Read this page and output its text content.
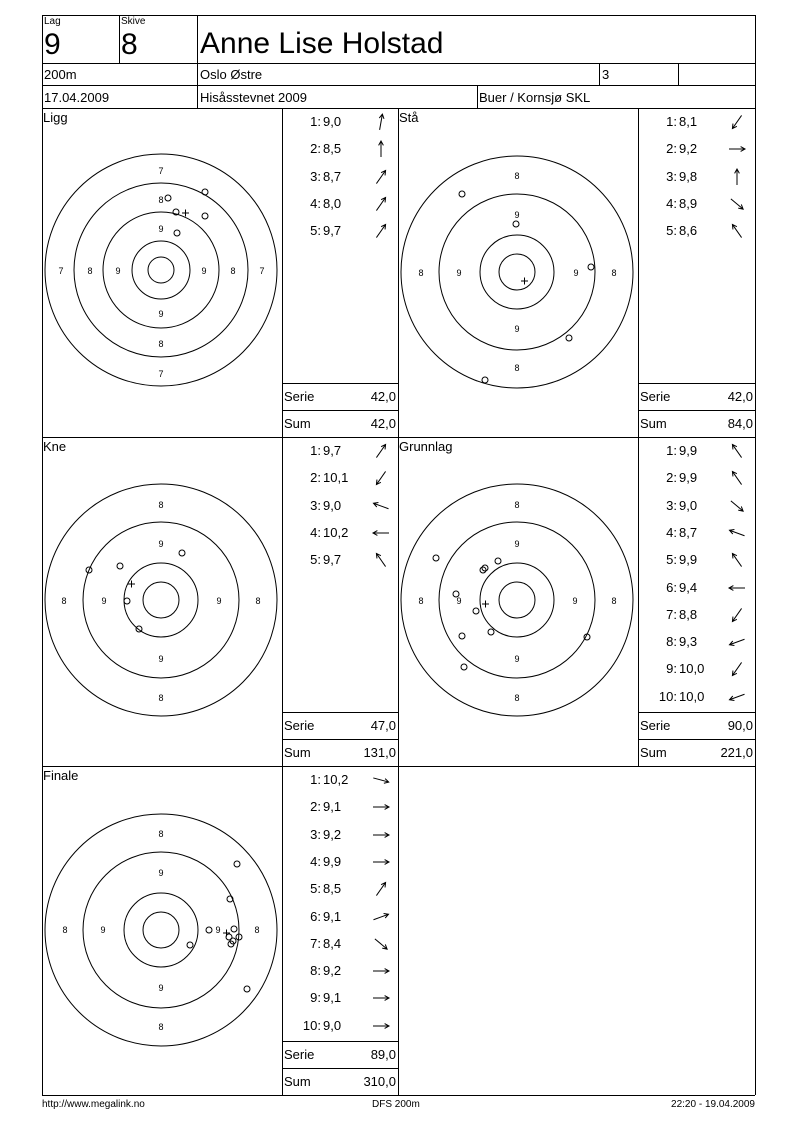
Lag
9
Skive
8 Anne Lise Holstad
200m	Oslo Østre	3
17.04.2009	Hisåsstevnet 2009	Buer / Kornsjø SKL
Ligg	Stå
Kne	Grunnlag
Finale
7
8
9
9
8
7
7	8	9	9	8	7
8
9
9
8
8	9	9	8
8
9
9
8
8	9	9	8
8
9
9
8
8	9	9	8
8
9
9
8
8	9	9	8
1: 9,0
2: 8,5
3: 8,7
4: 8,0
5: 9,7
1: 8,1
2: 9,2
3: 9,8
4: 8,9
5: 8,6
1: 9,7
2: 10,1
3: 9,0
4: 10,2
5: 9,7
1: 9,9
2: 9,9
3: 9,0
4: 8,7
5: 9,9
6: 9,4
7: 8,8
8: 9,3
9: 10,0
10: 10,0
1: 10,2
2: 9,1
3: 9,2
4: 9,9
5: 8,5
6: 9,1
7: 8,4
8: 9,2
9: 9,1
10: 9,0
Serie	42,0
Sum	42,0
Serie	42,0
Sum	84,0
Serie	47,0
Sum	131,0
Serie	90,0
Sum	221,0
Serie	89,0
Sum	310,0
http://www.megalink.no	DFS 200m	22:20 - 19.04.2009
